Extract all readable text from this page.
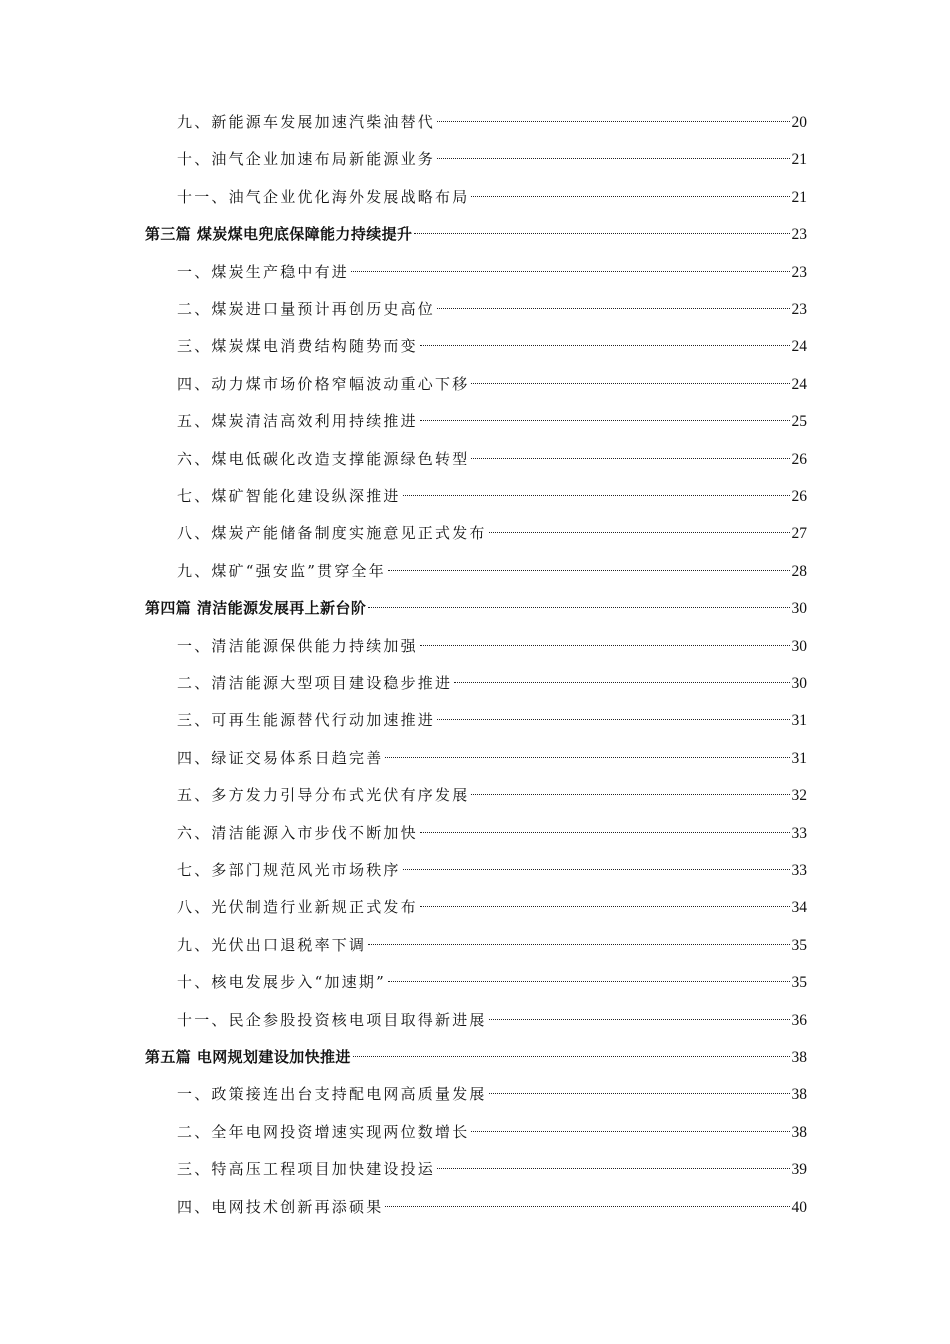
九、新能源车发展加速汽柴油替代	20
十、油气企业加速布局新能源业务	21
十一、油气企业优化海外发展战略布局	21
第三篇 煤炭煤电兜底保障能力持续提升	23
一、煤炭生产稳中有进	23
二、煤炭进口量预计再创历史高位	23
三、煤炭煤电消费结构随势而变	24
四、动力煤市场价格窄幅波动重心下移	24
五、煤炭清洁高效利用持续推进	25
六、煤电低碳化改造支撑能源绿色转型	26
七、煤矿智能化建设纵深推进	26
八、煤炭产能储备制度实施意见正式发布	27
九、煤矿“强安监”贯穿全年	28
第四篇 清洁能源发展再上新台阶	30
一、清洁能源保供能力持续加强	30
二、清洁能源大型项目建设稳步推进	30
三、可再生能源替代行动加速推进	31
四、绿证交易体系日趋完善	31
五、多方发力引导分布式光伏有序发展	32
六、清洁能源入市步伐不断加快	33
七、多部门规范风光市场秩序	33
八、光伏制造行业新规正式发布	34
九、光伏出口退税率下调	35
十、核电发展步入“加速期”	35
十一、民企参股投资核电项目取得新进展	36
第五篇 电网规划建设加快推进	38
一、政策接连出台支持配电网高质量发展	38
二、全年电网投资增速实现两位数增长	38
三、特高压工程项目加快建设投运	39
四、电网技术创新再添硕果	40
